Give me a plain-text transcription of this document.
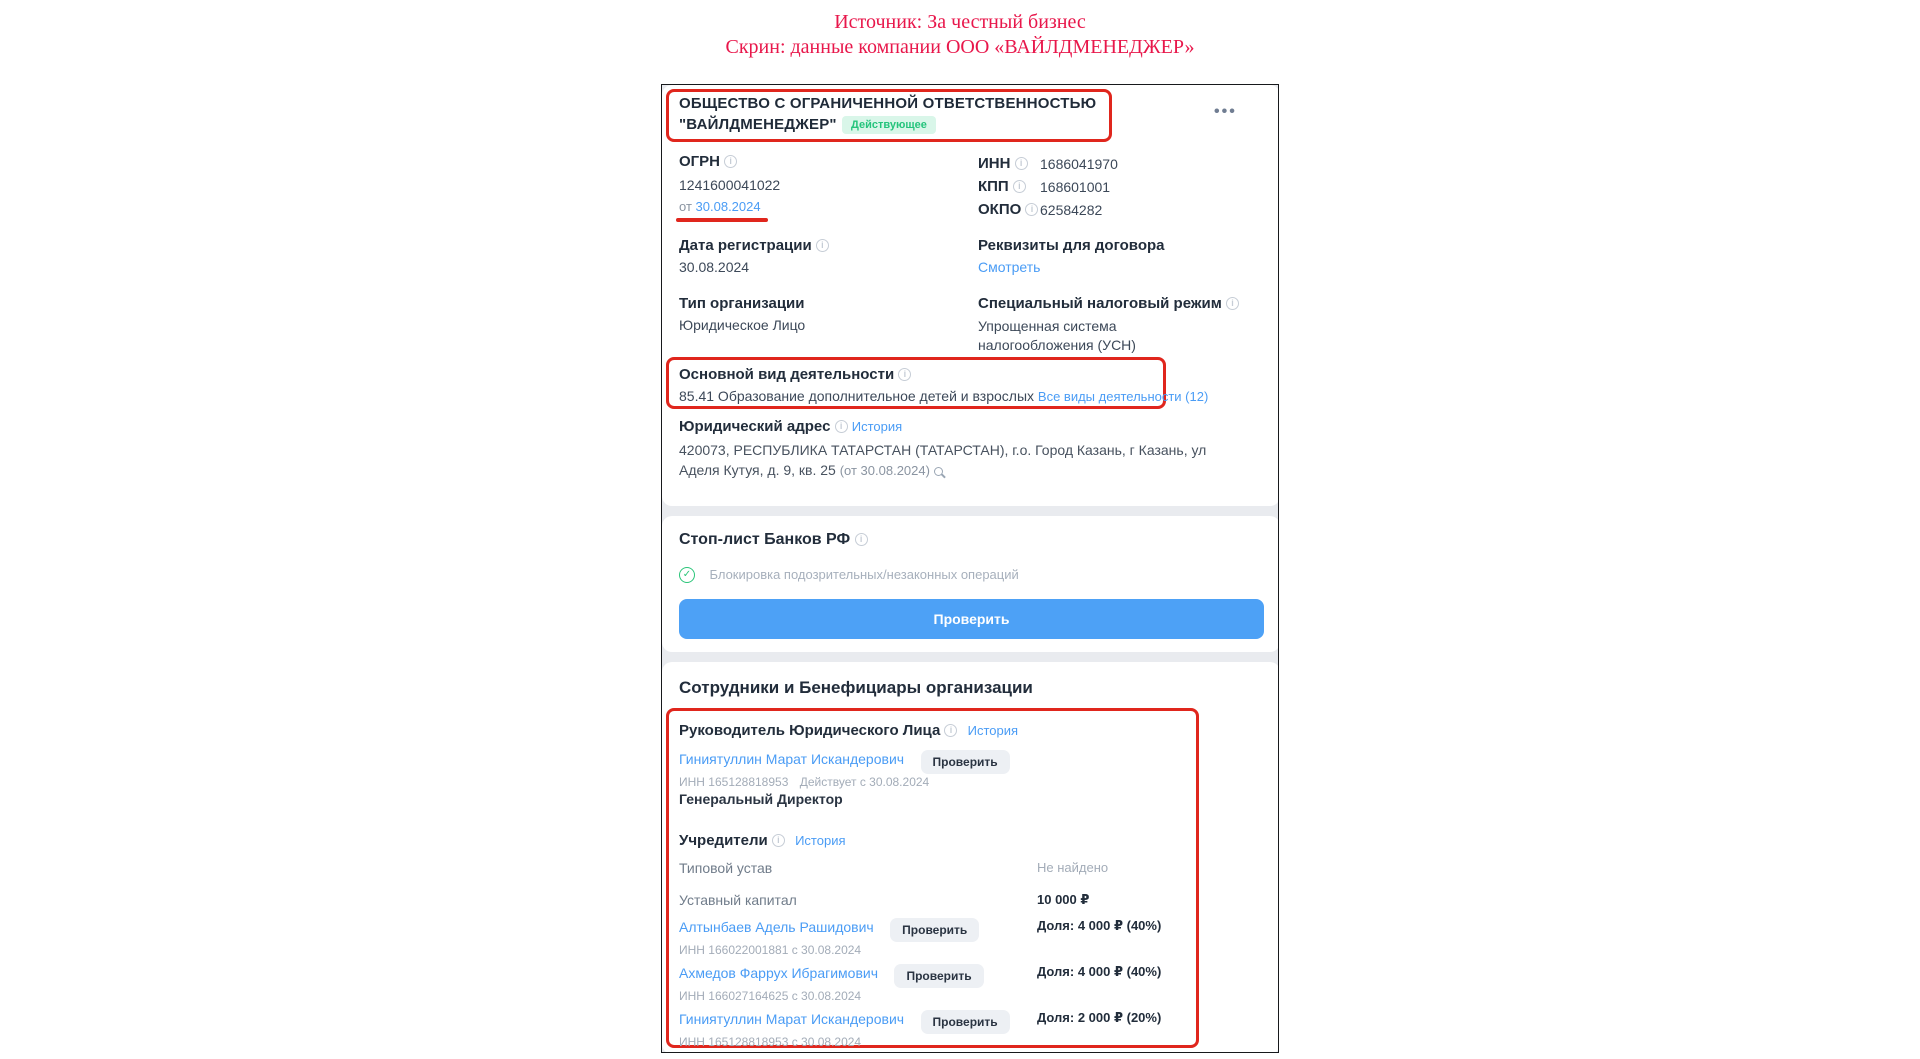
Источник: За честный бизнес
Скрин: данные компании ООО «ВАЙЛДМЕНЕДЖЕР»
ОБЩЕСТВО С ОГРАНИЧЕННОЙ ОТВЕТСТВЕННОСТЬЮ
"ВАЙЛДМЕНЕДЖЕР"	Действующее
•••
ОГРН i
1241600041022
от 30.08.2024
ИНН i	1686041970
КПП i	168601001
ОКПО i	62584282
Дата регистрации i
30.08.2024
Реквизиты для договора
Смотреть
Тип организации
Юридическое Лицо
Специальный налоговый режим i
Упрощенная система налогообложения (УСН)
Основной вид деятельности i
85.41 Образование дополнительное детей и взрослых Все виды деятельности (12)
Юридический адрес i История
420073, РЕСПУБЛИКА ТАТАРСТАН (ТАТАРСТАН), г.о. Город Казань, г Казань, ул Аделя Кутуя, д. 9, кв. 25 (от 30.08.2024)
Стоп-лист Банков РФ i
✓ Блокировка подозрительных/незаконных операций
Проверить
Сотрудники и Бенефициары организации
Руководитель Юридического Лица i История
Гиниятуллин Марат Искандерович Проверить
ИНН 165128818953 Действует с 30.08.2024
Генеральный Директор
Учредители i История
Типовой устав	Не найдено
Уставный капитал	10 000 ₽
Алтынбаев Адель Рашидович Проверить
ИНН 166022001881 с 30.08.2024
Доля: 4 000 ₽ (40%)
Ахмедов Фаррух Ибрагимович Проверить
ИНН 166027164625 с 30.08.2024
Доля: 4 000 ₽ (40%)
Гиниятуллин Марат Искандерович Проверить
ИНН 165128818953 с 30.08.2024
Доля: 2 000 ₽ (20%)
